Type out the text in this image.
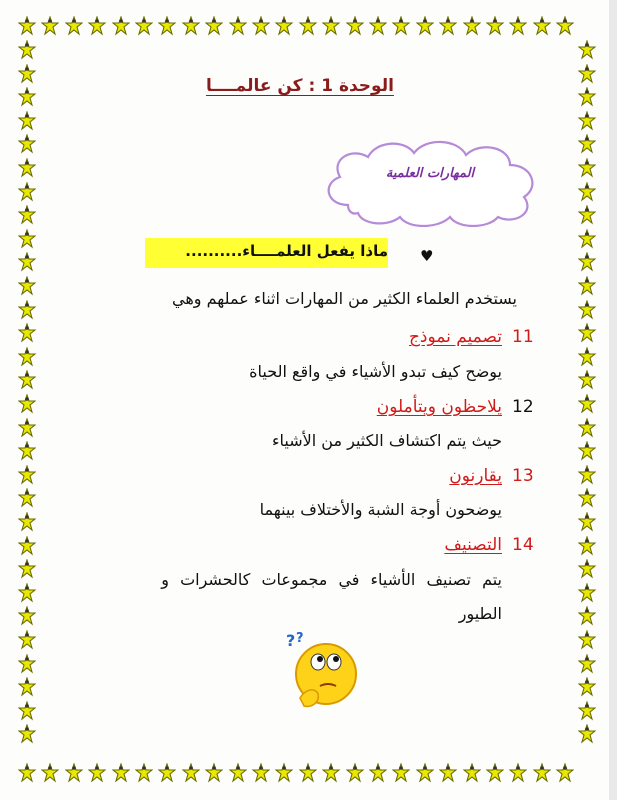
الوحدة 1 : كن عالمــــا
المهارات العلمية
ماذا يفعل العلمــــاء.......... ♥
يستخدم العلماء الكثير من المهارات اثناء عملهم وهي
11
تصميم نموذج
يوضح كيف تبدو الأشياء في واقع الحياة
12
يلاحظون ويتأملون
حيث يتم اكتشاف الكثير من الأشياء
13
يقارنون
يوضحون أوجة الشبة والأختلاف بينهما
14
التصنيف
يتم تصنيف الأشياء في مجموعات كالحشرات و
الطيور
? ?
